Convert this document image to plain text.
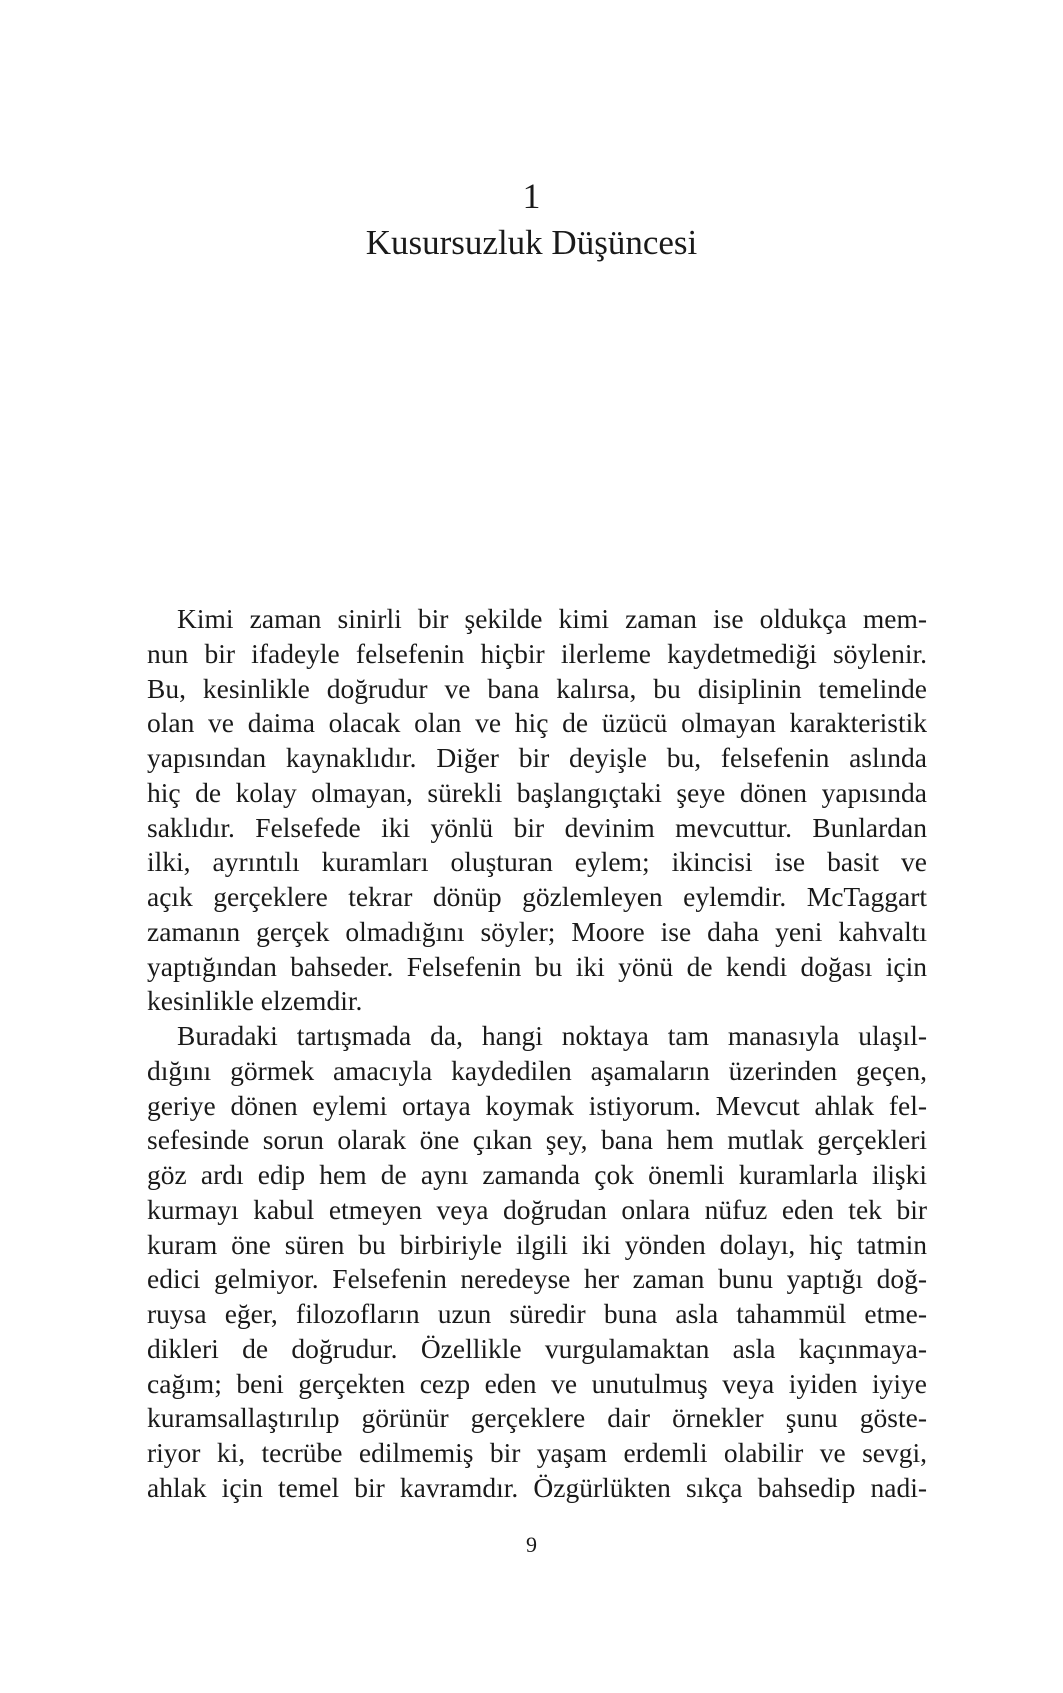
1
Kusursuzluk Düşüncesi
Kimi zaman sinirli bir şekilde kimi zaman ise oldukça mem-
nun bir ifadeyle felsefenin hiçbir ilerleme kaydetmediği söylenir.
Bu, kesinlikle doğrudur ve bana kalırsa, bu disiplinin temelinde
olan ve daima olacak olan ve hiç de üzücü olmayan karakteristik
yapısından kaynaklıdır. Diğer bir deyişle bu, felsefenin aslında
hiç de kolay olmayan, sürekli başlangıçtaki şeye dönen yapısında
saklıdır. Felsefede iki yönlü bir devinim mevcuttur. Bunlardan
ilki, ayrıntılı kuramları oluşturan eylem; ikincisi ise basit ve
açık gerçeklere tekrar dönüp gözlemleyen eylemdir. McTaggart
zamanın gerçek olmadığını söyler; Moore ise daha yeni kahvaltı
yaptığından bahseder. Felsefenin bu iki yönü de kendi doğası için
kesinlikle elzemdir.
Buradaki tartışmada da, hangi noktaya tam manasıyla ulaşıl-
dığını görmek amacıyla kaydedilen aşamaların üzerinden geçen,
geriye dönen eylemi ortaya koymak istiyorum. Mevcut ahlak fel-
sefesinde sorun olarak öne çıkan şey, bana hem mutlak gerçekleri
göz ardı edip hem de aynı zamanda çok önemli kuramlarla ilişki
kurmayı kabul etmeyen veya doğrudan onlara nüfuz eden tek bir
kuram öne süren bu birbiriyle ilgili iki yönden dolayı, hiç tatmin
edici gelmiyor. Felsefenin neredeyse her zaman bunu yaptığı doğ-
ruysa eğer, filozofların uzun süredir buna asla tahammül etme-
dikleri de doğrudur. Özellikle vurgulamaktan asla kaçınmaya-
cağım; beni gerçekten cezp eden ve unutulmuş veya iyiden iyiye
kuramsallaştırılıp görünür gerçeklere dair örnekler şunu göste-
riyor ki, tecrübe edilmemiş bir yaşam erdemli olabilir ve sevgi,
ahlak için temel bir kavramdır. Özgürlükten sıkça bahsedip nadi-
9
